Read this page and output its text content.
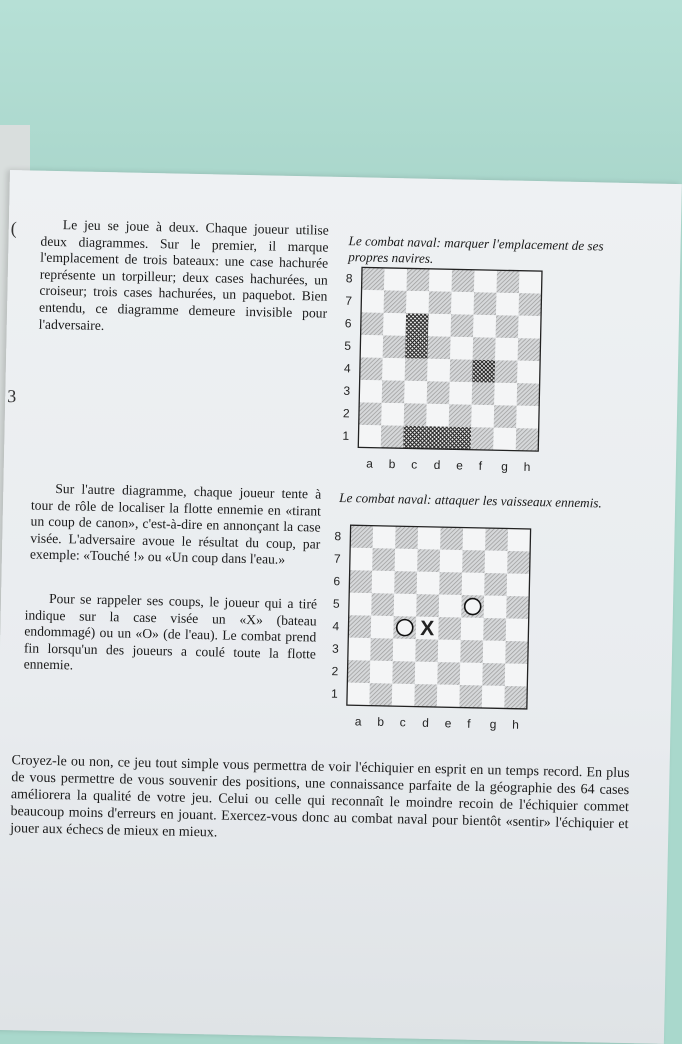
(
3

Le jeu se joue à deux. Chaque joueur utilise deux diagrammes. Sur le premier, il marque l'emplacement de trois bateaux: une case hachurée représente un torpilleur; deux cases hachurées, un croiseur; trois cases hachurées, un paquebot. Bien entendu, ce diagramme demeure invisible pour l'adversaire.

Le combat naval: marquer l'emplacement de ses propres navires.

8
7
6
5
4
3
2
1
a b c d e f g h

Sur l'autre diagramme, chaque joueur tente à tour de rôle de localiser la flotte ennemie en «tirant un coup de canon», c'est-à-dire en annonçant la case visée. L'adversaire avoue le résultat du coup, par exemple: «Touché !» ou «Un coup dans l'eau.»

Pour se rappeler ses coups, le joueur qui a tiré indique sur la case visée un «X» (bateau endommagé) ou un «O» (de l'eau). Le combat prend fin lorsqu'un des joueurs a coulé toute la flotte ennemie.

Le combat naval: attaquer les vaisseaux ennemis.

8
7
6
5
4
3
2
1
a b c d e f g h
X

Croyez-le ou non, ce jeu tout simple vous permettra de voir l'échiquier en esprit en un temps record. En plus de vous permettre de vous souvenir des positions, une connaissance parfaite de la géographie des 64 cases améliorera la qualité de votre jeu. Celui ou celle qui reconnaît le moindre recoin de l'échiquier commet beaucoup moins d'erreurs en jouant. Exercez-vous donc au combat naval pour bientôt «sentir» l'échiquier et jouer aux échecs de mieux en mieux.
